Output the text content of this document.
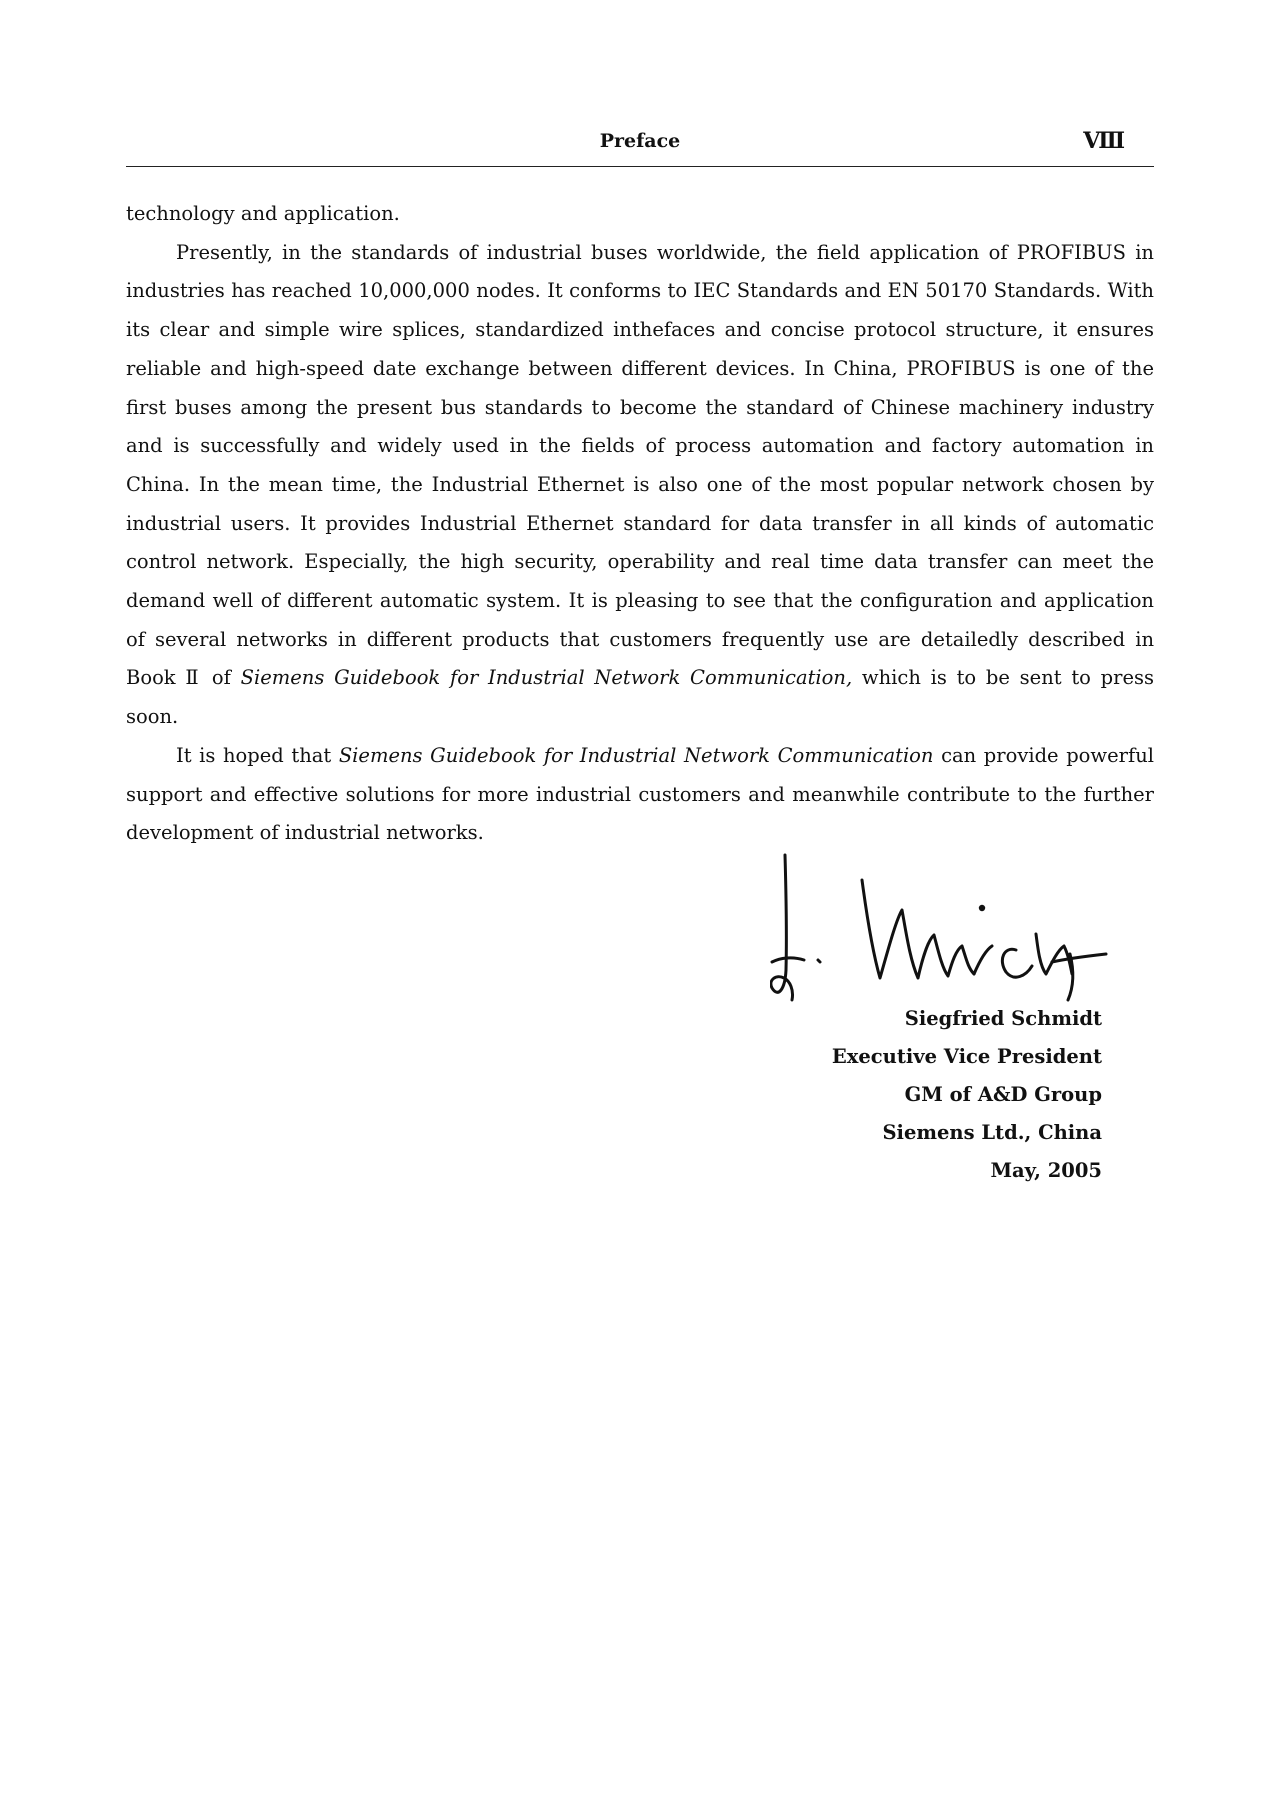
Preface	Ⅷ

technology and application.

Presently, in the standards of industrial buses worldwide, the field application of PROFIBUS in industries has reached 10,000,000 nodes. It conforms to IEC Standards and EN 50170 Standards. With its clear and simple wire splices, standardized inthefaces and concise protocol structure, it ensures reliable and high-speed date exchange between different devices. In China, PROFIBUS is one of the first buses among the present bus standards to become the standard of Chinese machinery industry and is successfully and widely used in the fields of process automation and factory automation in China. In the mean time, the Industrial Ethernet is also one of the most popular network chosen by industrial users. It provides Industrial Ethernet standard for data transfer in all kinds of automatic control network. Especially, the high security, operability and real time data transfer can meet the demand well of different automatic system. It is pleasing to see that the configuration and application of several networks in different products that customers frequently use are detailedly described in Book Ⅱ of Siemens Guidebook for Industrial Network Communication, which is to be sent to press soon.

It is hoped that Siemens Guidebook for Industrial Network Communication can provide powerful support and effective solutions for more industrial customers and meanwhile contribute to the further development of industrial networks.

Siegfried Schmidt
Executive Vice President
GM of A&D Group
Siemens Ltd., China
May, 2005
